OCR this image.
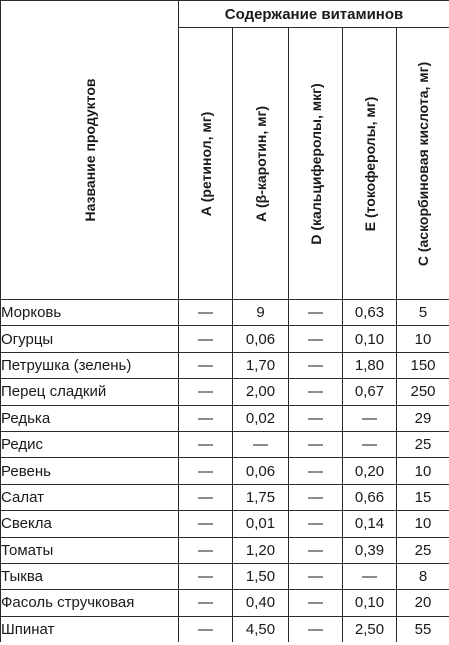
Название продуктов	Содержание витаминов				

	А (ретинол, мг)	А (β-каротин, мг)	D (кальциферолы, мкг)	Е (токоферолы, мг)	С (аскорбиновая кислота, мг)

Морковь	—	9	—	0,63	5
Огурцы	—	0,06	—	0,10	10
Петрушка (зелень)	—	1,70	—	1,80	150
Перец сладкий	—	2,00	—	0,67	250
Редька	—	0,02	—	—	29
Редис	—	—	—	—	25
Ревень	—	0,06	—	0,20	10
Салат	—	1,75	—	0,66	15
Свекла	—	0,01	—	0,14	10
Томаты	—	1,20	—	0,39	25
Тыква	—	1,50	—	—	8
Фасоль стручковая	—	0,40	—	0,10	20
Шпинат	—	4,50	—	2,50	55
